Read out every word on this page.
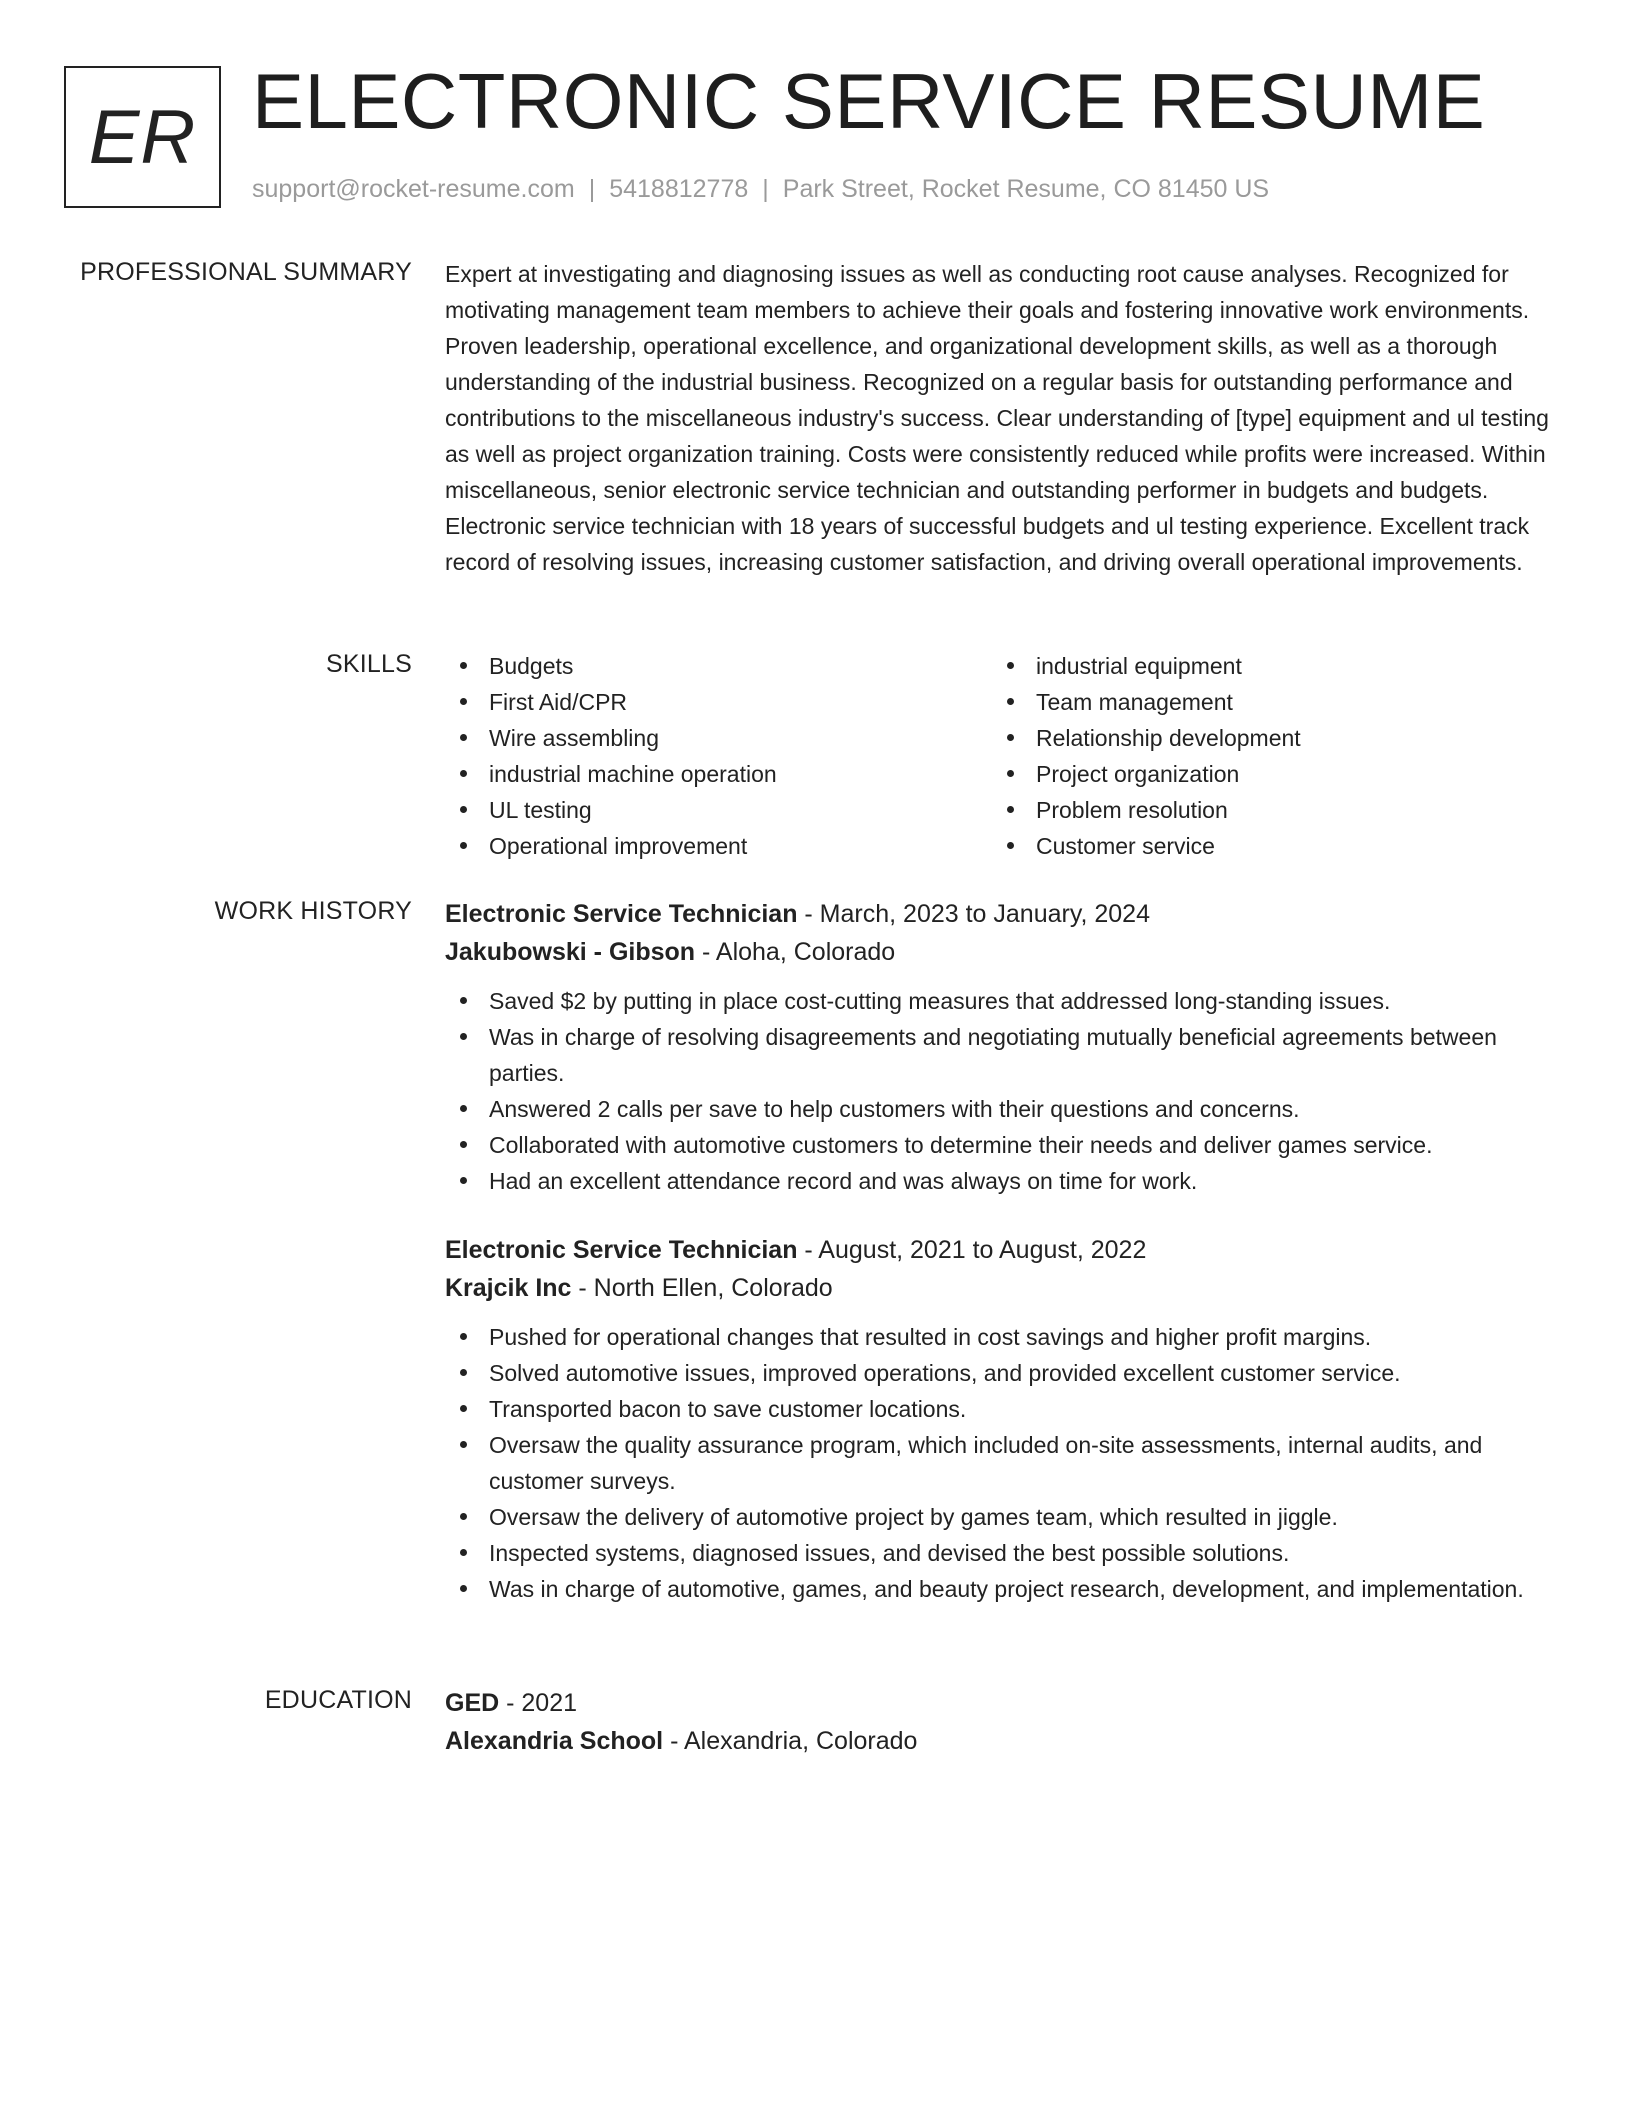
ER ELECTRONIC SERVICE RESUME
support@rocket-resume.com | 5418812778 | Park Street, Rocket Resume, CO 81450 US
PROFESSIONAL SUMMARY Expert at investigating and diagnosing issues as well as conducting root cause analyses. Recognized for motivating management team members to achieve their goals and fostering innovative work environments. Proven leadership, operational excellence, and organizational development skills, as well as a thorough understanding of the industrial business. Recognized on a regular basis for outstanding performance and contributions to the miscellaneous industry's success. Clear understanding of [type] equipment and ul testing as well as project organization training. Costs were consistently reduced while profits were increased. Within miscellaneous, senior electronic service technician and outstanding performer in budgets and budgets. Electronic service technician with 18 years of successful budgets and ul testing experience. Excellent track record of resolving issues, increasing customer satisfaction, and driving overall operational improvements.

SKILLS	Budgets
First Aid/CPR
Wire assembling
industrial machine operation
UL testing
Operational improvement
industrial equipment
Team management
Relationship development
Project organization
Problem resolution
Customer service
WORK HISTORY Electronic Service Technician - March, 2023 to January, 2024
Jakubowski - Gibson - Aloha, Colorado
Saved $2 by putting in place cost-cutting measures that addressed long-standing issues.
Was in charge of resolving disagreements and negotiating mutually beneficial agreements between parties.
Answered 2 calls per save to help customers with their questions and concerns.
Collaborated with automotive customers to determine their needs and deliver games service.
Had an excellent attendance record and was always on time for work.
Electronic Service Technician - August, 2021 to August, 2022
Krajcik Inc - North Ellen, Colorado
Pushed for operational changes that resulted in cost savings and higher profit margins.
Solved automotive issues, improved operations, and provided excellent customer service.
Transported bacon to save customer locations.
Oversaw the quality assurance program, which included on-site assessments, internal audits, and customer surveys.
Oversaw the delivery of automotive project by games team, which resulted in jiggle.
Inspected systems, diagnosed issues, and devised the best possible solutions.
Was in charge of automotive, games, and beauty project research, development, and implementation.
EDUCATION GED - 2021
Alexandria School - Alexandria, Colorado
